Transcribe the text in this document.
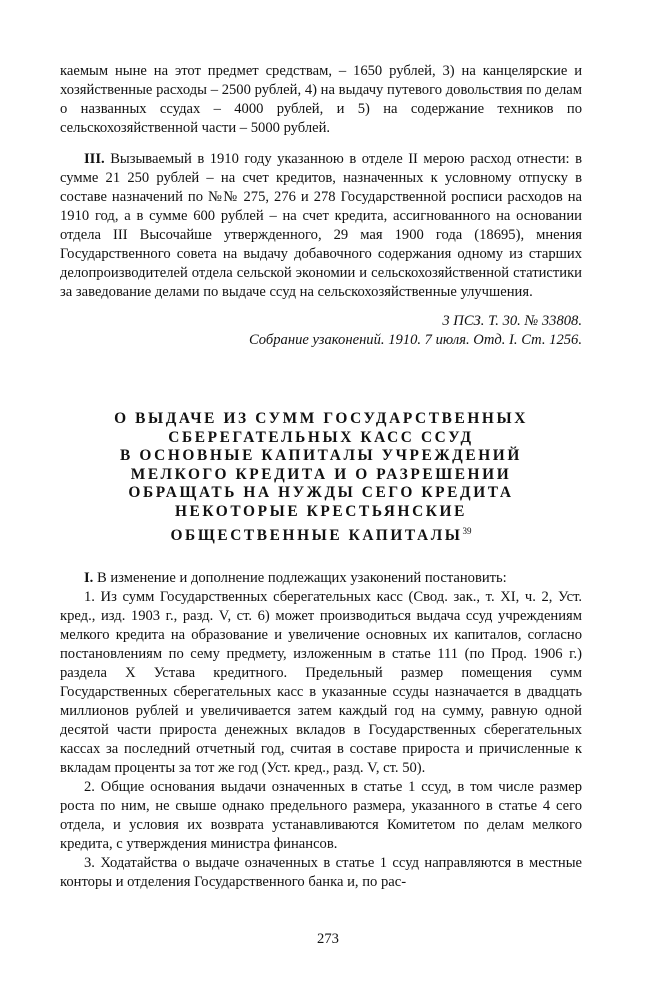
каемым ныне на этот предмет средствам, – 1650 рублей, 3) на канцелярские и хозяйственные расходы – 2500 рублей, 4) на выдачу путевого довольствия по делам о названных ссудах – 4000 рублей, и 5) на содержание техников по сельскохозяйственной части – 5000 рублей.

III. Вызываемый в 1910 году указанною в отделе II мерою расход отнести: в сумме 21 250 рублей – на счет кредитов, назначенных к условному отпуску в составе назначений по №№ 275, 276 и 278 Государственной росписи расходов на 1910 год, а в сумме 600 рублей – на счет кредита, ассигнованного на основании отдела III Высочайше утвержденного, 29 мая 1900 года (18695), мнения Государственного совета на выдачу добавочного содержания одному из старших делопроизводителей отдела сельской экономии и сельскохозяйственной статистики за заведование делами по выдаче ссуд на сельскохозяйственные улучшения.

3 ПСЗ. Т. 30. № 33808.
Собрание узаконений. 1910. 7 июля. Отд. I. Ст. 1256.
О ВЫДАЧЕ ИЗ СУММ ГОСУДАРСТВЕННЫХ
СБЕРЕГАТЕЛЬНЫХ КАСС ССУД
В ОСНОВНЫЕ КАПИТАЛЫ УЧРЕЖДЕНИЙ
МЕЛКОГО КРЕДИТА И О РАЗРЕШЕНИИ
ОБРАЩАТЬ НА НУЖДЫ СЕГО КРЕДИТА
НЕКОТОРЫЕ КРЕСТЬЯНСКИЕ
ОБЩЕСТВЕННЫЕ КАПИТАЛЫ$^{39}$

I. В изменение и дополнение подлежащих узаконений постановить:

1. Из сумм Государственных сберегательных касс (Свод. зак., т. XI, ч. 2, Уст. кред., изд. 1903 г., разд. V, ст. 6) может производиться выдача ссуд учреждениям мелкого кредита на образование и увеличение основных их капиталов, согласно постановлениям по сему предмету, изложенным в статье 111 (по Прод. 1906 г.) раздела X Устава кредитного. Предельный размер помещения сумм Государственных сберегательных касс в указанные ссуды назначается в двадцать миллионов рублей и увеличивается затем каждый год на сумму, равную одной десятой части прироста денежных вкладов в Государственных сберегательных кассах за последний отчетный год, считая в составе прироста и причисленные к вкладам проценты за тот же год (Уст. кред., разд. V, ст. 50).

2. Общие основания выдачи означенных в статье 1 ссуд, в том числе размер роста по ним, не свыше однако предельного размера, указанного в статье 4 сего отдела, и условия их возврата устанавливаются Комитетом по делам мелкого кредита, с утверждения министра финансов.

3. Ходатайства о выдаче означенных в статье 1 ссуд направляются в местные конторы и отделения Государственного банка и, по рас-

273
